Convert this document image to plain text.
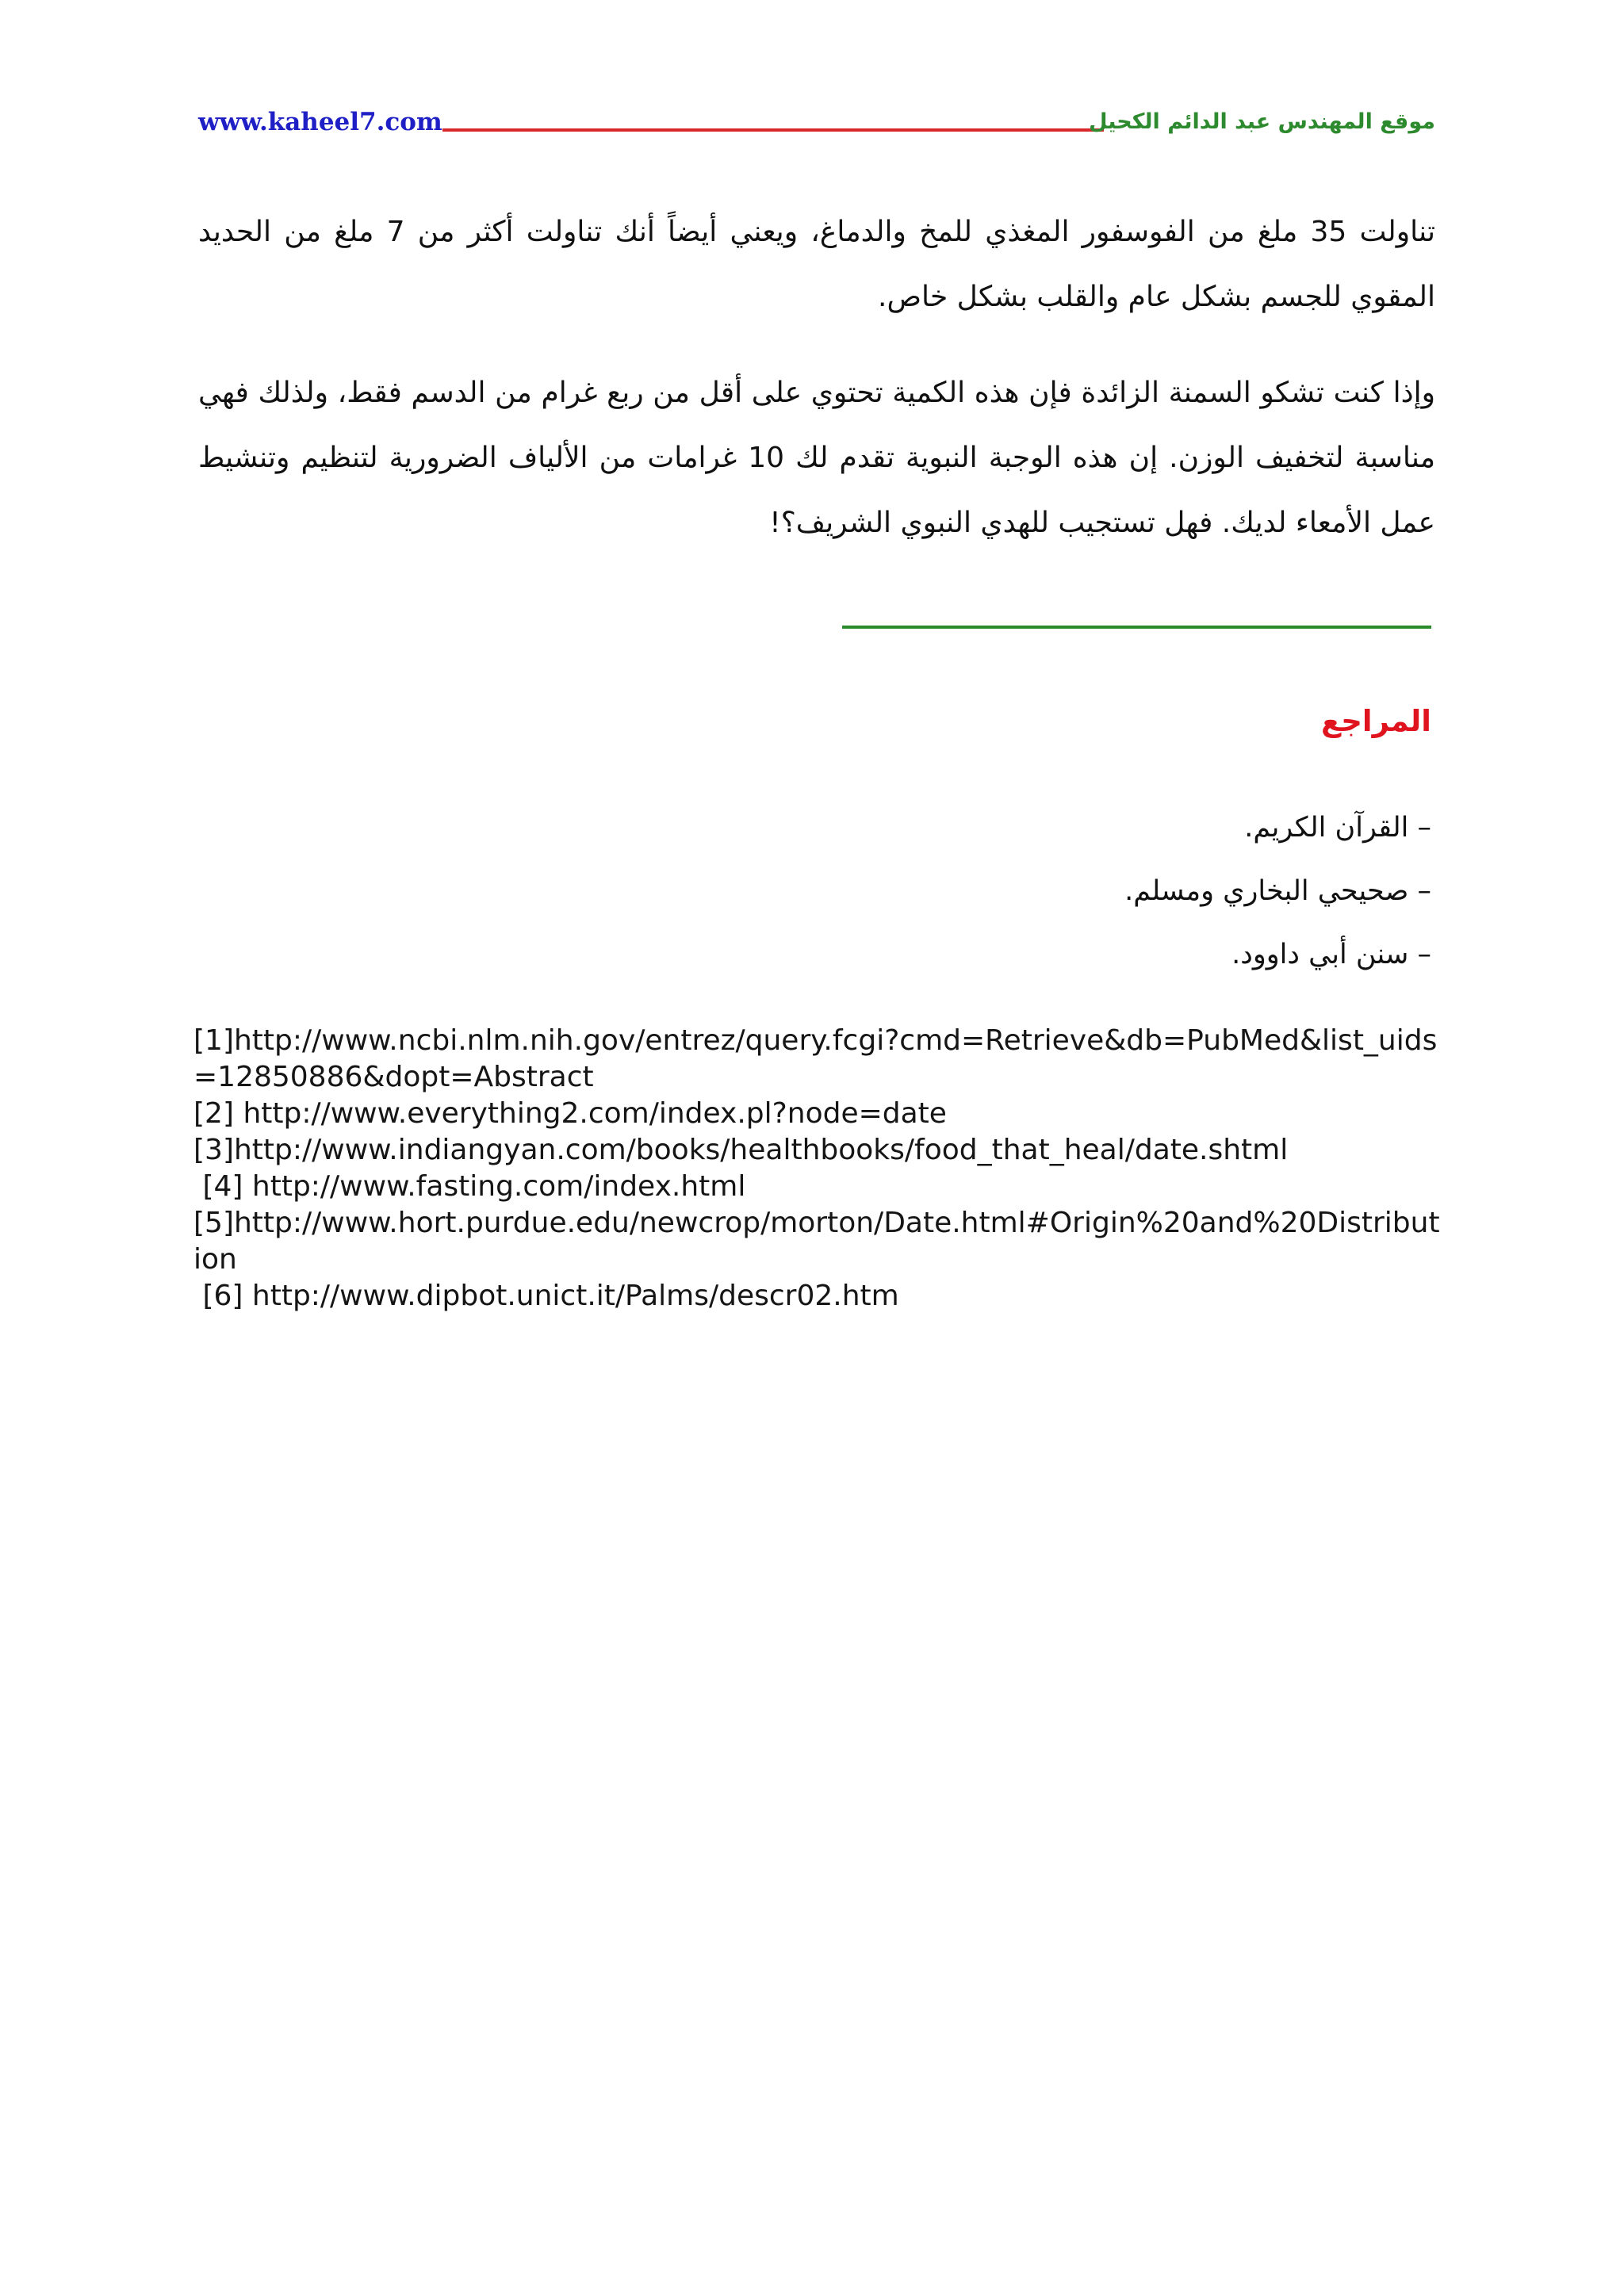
www.kaheel7.com	موقع المهندس عبد الدائم الكحيل

تناولت 35 ملغ من الفوسفور المغذي للمخ والدماغ، ويعني أيضاً أنك تناولت أكثر من 7 ملغ من الحديد المقوي للجسم بشكل عام والقلب بشكل خاص.

وإذا كنت تشكو السمنة الزائدة فإن هذه الكمية تحتوي على أقل من ربع غرام من الدسم فقط، ولذلك فهي مناسبة لتخفيف الوزن. إن هذه الوجبة النبوية تقدم لك 10 غرامات من الألياف الضرورية لتنظيم وتنشيط عمل الأمعاء لديك. فهل تستجيب للهدي النبوي الشريف؟!

المراجع
– القرآن الكريم.
– صحيحي البخاري ومسلم.
– سنن أبي داوود.
[1]http://www.ncbi.nlm.nih.gov/entrez/query.fcgi?cmd=Retrieve&db=PubMed&list_uids=12850886&dopt=Abstract
[2] http://www.everything2.com/index.pl?node=date
[3]http://www.indiangyan.com/books/healthbooks/food_that_heal/date.shtml
[4] http://www.fasting.com/index.html
[5]http://www.hort.purdue.edu/newcrop/morton/Date.html#Origin%20and%20Distribution
[6] http://www.dipbot.unict.it/Palms/descr02.htm
